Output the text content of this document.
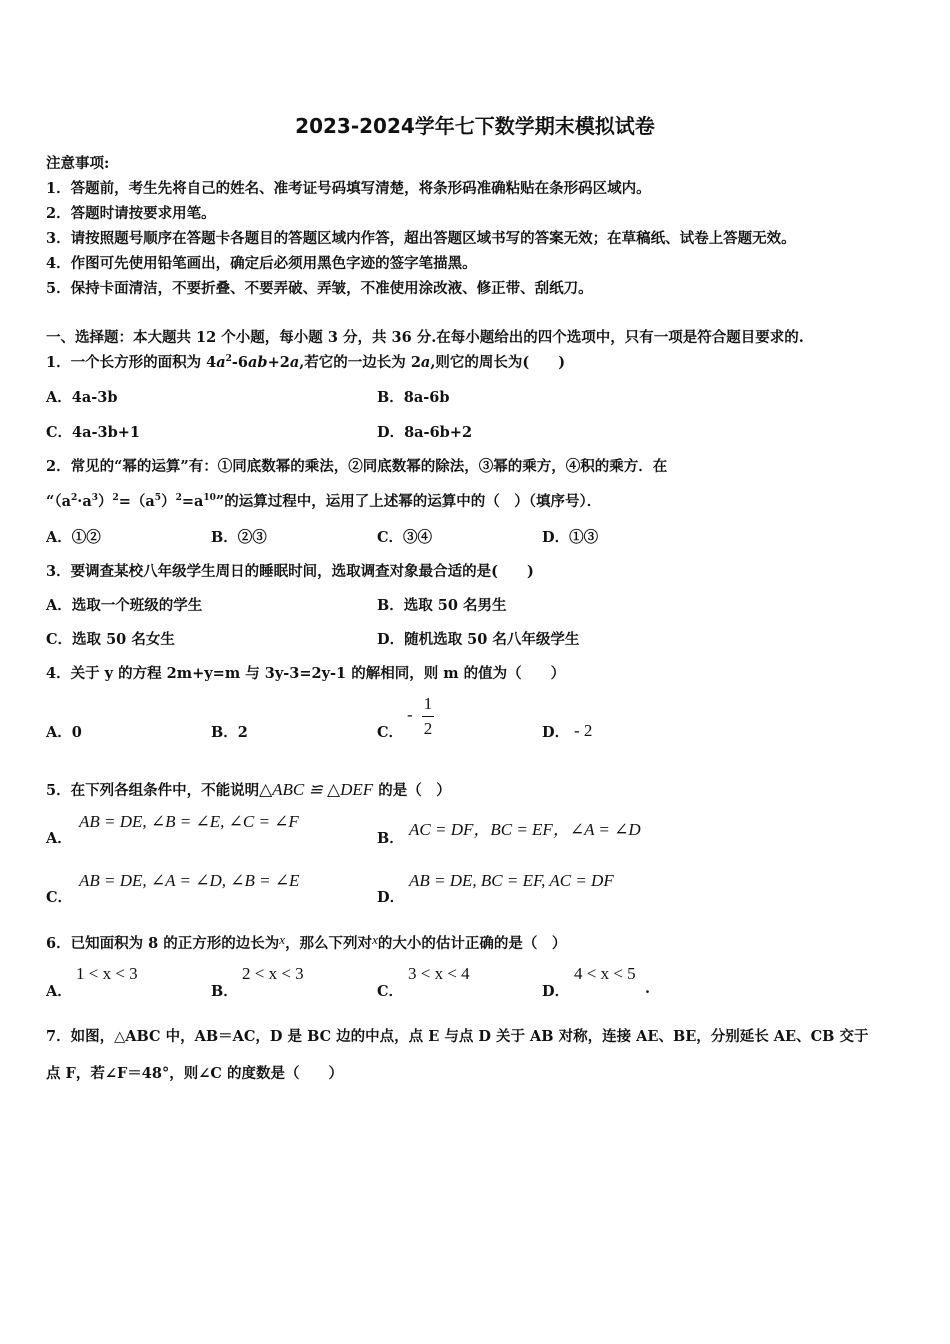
2023-2024学年七下数学期末模拟试卷
注意事项:
1．答题前，考生先将自己的姓名、准考证号码填写清楚，将条形码准确粘贴在条形码区域内。
2．答题时请按要求用笔。
3．请按照题号顺序在答题卡各题目的答题区域内作答，超出答题区域书写的答案无效；在草稿纸、试卷上答题无效。
4．作图可先使用铅笔画出，确定后必须用黑色字迹的签字笔描黑。
5．保持卡面清洁，不要折叠、不要弄破、弄皱，不准使用涂改液、修正带、刮纸刀。
一、选择题：本大题共 12 个小题，每小题 3 分，共 36 分.在每小题给出的四个选项中，只有一项是符合题目要求的.
1．一个长方形的面积为 $4a^2-6ab+2a$,若它的一边长为 2a,则它的周长为(　　)
A．4a-3b	B．8a-6b
C．4a-3b+1	D．8a-6b+2
2．常见的“幂的运算”有：①同底数幂的乘法，②同底数幂的除法，③幂的乘方，④积的乘方．在
“$(a^2\cdot a^3)^2=(a^5)^2=a^{10}$”的运算过程中，运用了上述幂的运算中的（　）（填序号）．
A．①②	B．②③	C．③④	D．①③
3．要调查某校八年级学生周日的睡眠时间，选取调查对象最合适的是(　　)
A．选取一个班级的学生	B．选取 50 名男生
C．选取 50 名女生	D．随机选取 50 名八年级学生
4．关于 y 的方程 2m+y=m 与 3y-3=2y-1 的解相同，则 m 的值为（　　）
A．0	B．2	C．
-
1
2	D． - 2
5．在下列各组条件中，不能说明△ABC ≌ △DEF 的是（　）
A．
AB = DE, ∠B = ∠E, ∠C = ∠F
B． AC = DF，BC = EF，∠A = ∠D
C．
AB = DE, ∠A = ∠D, ∠B = ∠E
D．
AB = DE, BC = EF, AC = DF
6．已知面积为 8 的正方形的边长为x，那么下列对x的大小的估计正确的是（　）
A．
1 < x < 3
B．
2 < x < 3
C．
3 < x < 4
D．
4 < x < 5
.
7．如图，△ABC 中，AB＝AC，D 是 BC 边的中点，点 E 与点 D 关于 AB 对称，连接 AE、BE，分别延长 AE、CB 交于
点 F，若∠F＝48°，则∠C 的度数是（　　）
